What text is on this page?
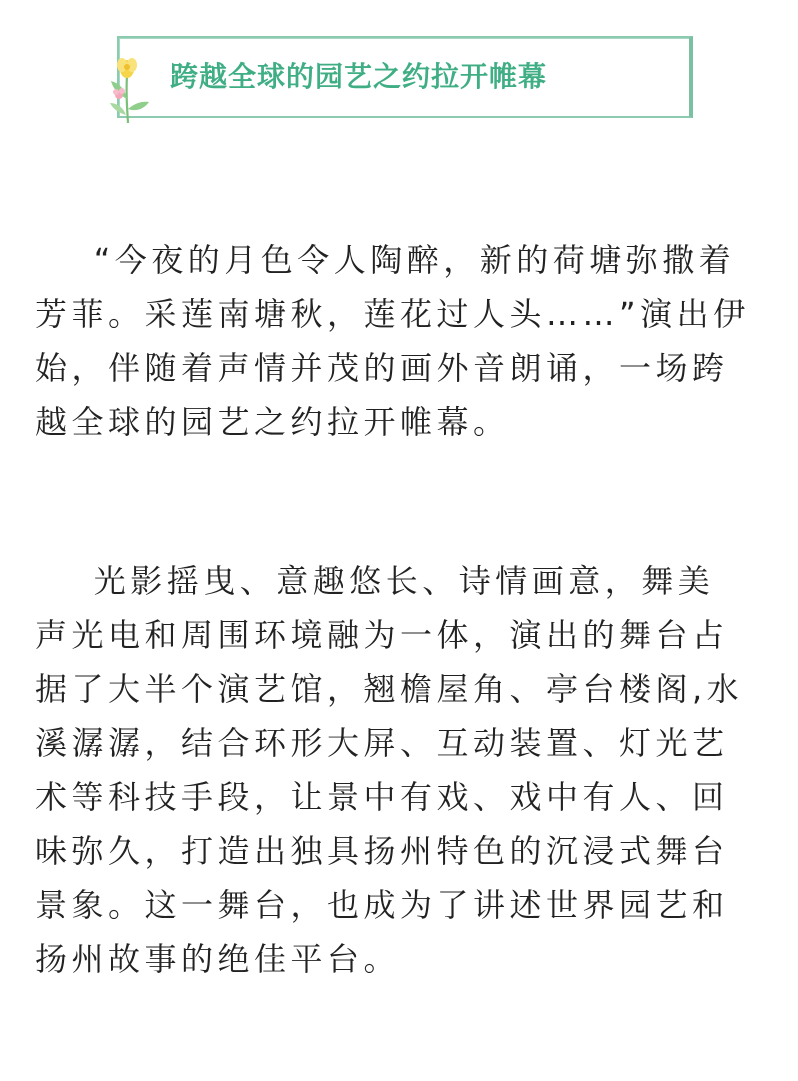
跨越全球的园艺之约拉开帷幕
“今夜的月色令人陶醉，新的荷塘弥撒着
芳菲。采莲南塘秋，莲花过人头……”演出伊
始，伴随着声情并茂的画外音朗诵，一场跨
越全球的园艺之约拉开帷幕。
光影摇曳、意趣悠长、诗情画意，舞美
声光电和周围环境融为一体，演出的舞台占
据了大半个演艺馆，翘檐屋角、亭台楼阁,水
溪潺潺，结合环形大屏、互动装置、灯光艺
术等科技手段，让景中有戏、戏中有人、回
味弥久，打造出独具扬州特色的沉浸式舞台
景象。这一舞台，也成为了讲述世界园艺和
扬州故事的绝佳平台。
